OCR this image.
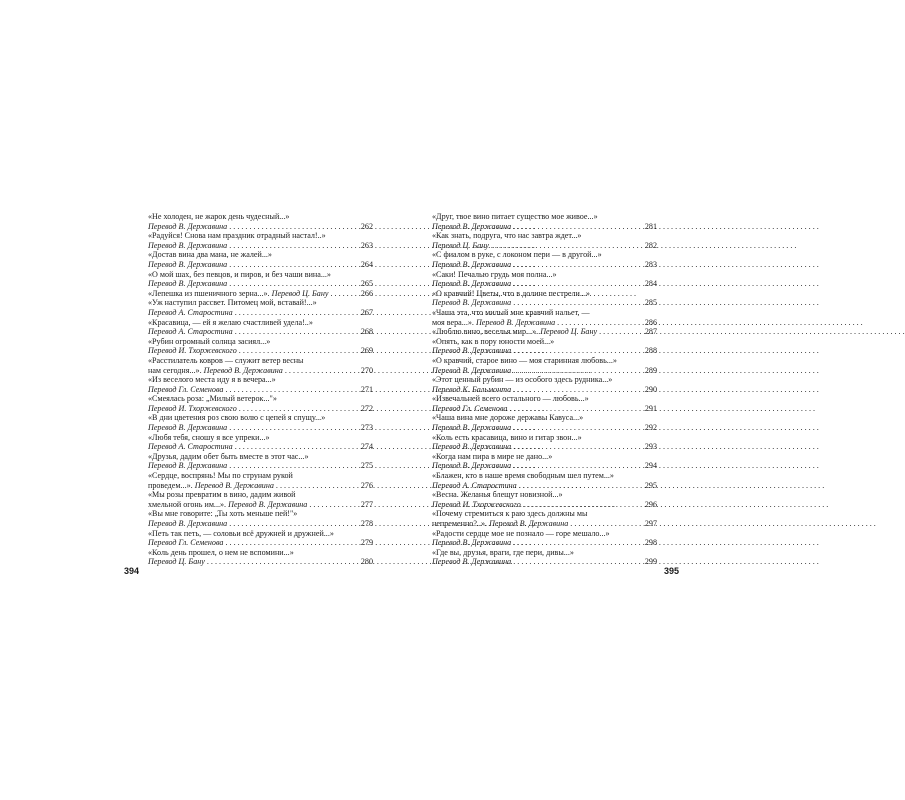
«Не холоден, не жарок день чудесный...»
Перевод В. Державина . . .	262
«Радуйся! Снова нам праздник отрадный настал!..»
Перевод В. Державина . . .	263
«Достав вина два мана, не жалей...»
Перевод В. Державина . . .	264
«О мой шах, без певцов, и пиров, и без чаши вина...»
Перевод В. Державина . . .	265
«Лепешка из пшеничного зерна...». Перевод Ц. Бану . . .	266
«Уж наступил рассвет. Питомец мой, вставай!...»
Перевод А. Старостина . . .	267
«Красавица, — ей я желаю счастливей удела!..»
Перевод А. Старостина . . .	268
«Рубин огромный солнца засиял...»
Перевод И. Тхоржевского . . .	269
«Расстилатель ковров — служит ветер весны
нам сегодня...». Перевод В. Державина . . .	270
«Из веселого места иду я в вечера...»
Перевод Гл. Семенова . . .	271
«Смеялась роза: „Милый ветерок..."»
Перевод И. Тхоржевского . . .	272
«В дни цветения роз свою волю с цепей я спущу...»
Перевод В. Державина . . .	273
«Любя тебя, сношу я все упреки...»
Перевод А. Старостина . . .	274
«Друзья, дадим обет быть вместе в этот час...»
Перевод В. Державина . . .	275
«Сердце, воспрянь! Мы по струнам рукой
проведем...». Перевод В. Державина . . .	276
«Мы розы превратим в вино, дадим живой
хмельной огонь им...». Перевод В. Державина . . .	277
«Вы мне говорите: „Ты хоть меньше пей!"»
Перевод В. Державина . . .	278
«Петь так петь, — соловьи всё дружней и дружней...»
Перевод Гл. Семенова . . .	279
«Коль день прошел, о нем не вспомини...»
Перевод Ц. Бану . . .	280
«Друг, твое вино питает существо мое живое...»
Перевод В. Державина . . .	281
«Как знать, подруга, что нас завтра ждет...»
Перевод Ц. Бану . . .	282
«С фиалом в руке, с локоном пери — в другой...»
Перевод В. Державина . . .	283
«Саки! Печалью грудь моя полна...»
Перевод В. Державина . . .	284
«О кравчий! Цветы, что в долине пестрели...»
Перевод В. Державина . . .	285
«Чаша эта, что милый мне кравчий нальет, —
моя вера...». Перевод В. Державина . . .	286
«Люблю вино, веселья мир...». Перевод Ц. Бану . . .	287
«Опять, как в пору юности моей...»
Перевод В. Державина . . .	288
«О кравчий, старое вино — моя старинная любовь...»
Перевод В. Державина . . .	289
«Этот ценный рубин — из особого здесь рудника...»
Перевод К. Бальмонта . . .	290
«Извечальней всего остального — любовь...»
Перевод Гл. Семенова . . .	291
«Чаша вина мне дороже державы Кавуса...»
Перевод В. Державина . . .	292
«Коль есть красавица, вино и гитар звон...»
Перевод В. Державина . . .	293
«Когда нам пира в мире не дано...»
Перевод В. Державина . . .	294
«Блажен, кто в наше время свободным шел путем...»
Перевод А. Старостина . . .	295
«Весна. Желанья блещут новизной...»
Перевод И. Тхоржевского . . .	296
«Почему стремиться к раю здесь должны мы
непременно?..». Перевод В. Державина . . .	297
«Радости сердце мое не познало — горе мешало...»
Перевод В. Державина . . .	298
«Где вы, друзья, враги, где пери, дивы...»
Перевод В. Державина . . .	299
394	395
